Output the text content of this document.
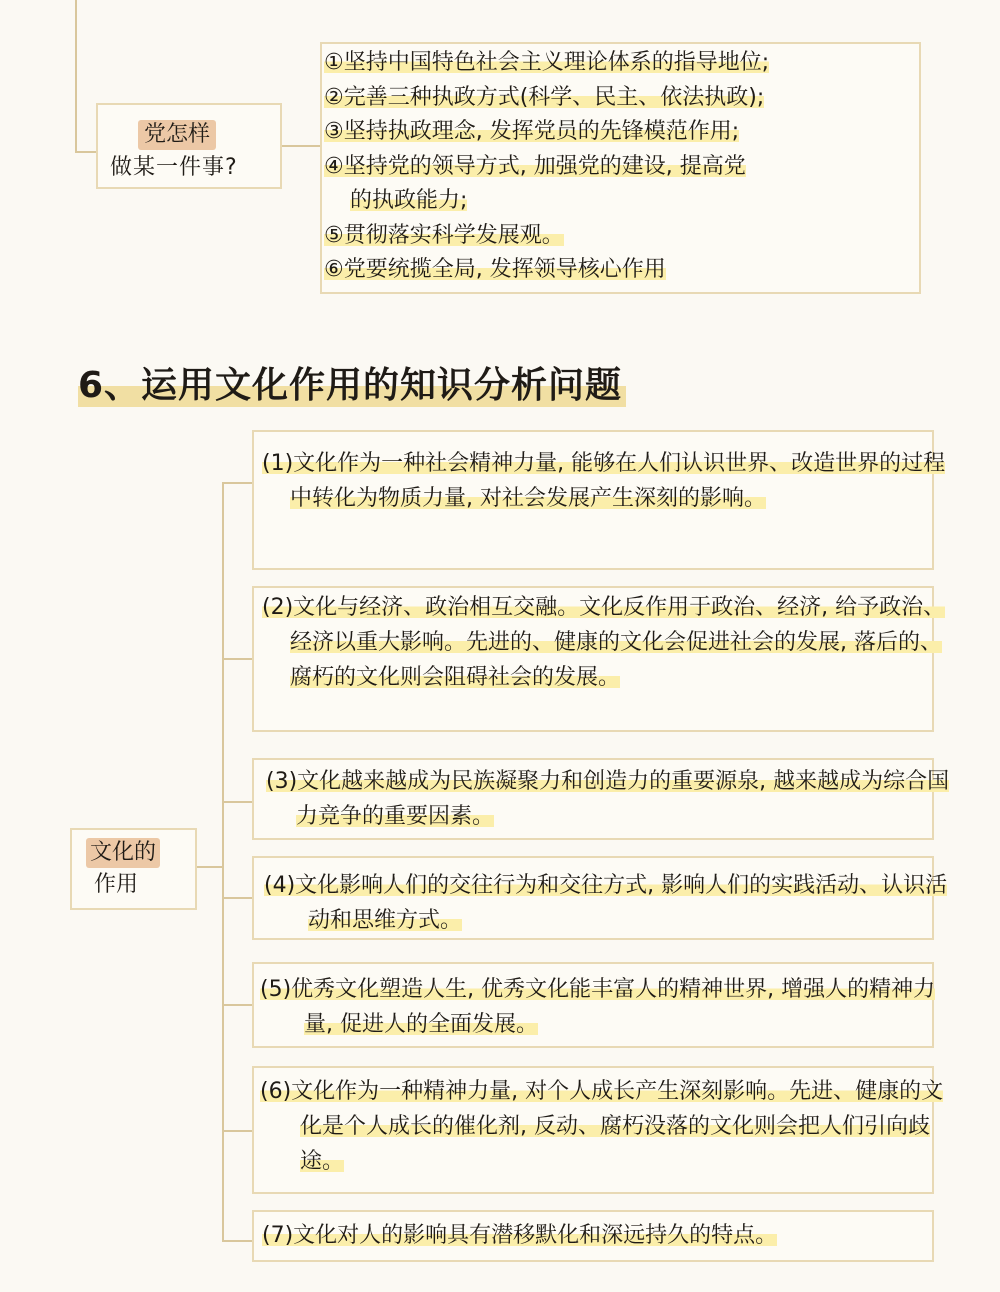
党怎样
做某一件事?
①坚持中国特色社会主义理论体系的指导地位;
②完善三种执政方式(科学、民主、依法执政);
③坚持执政理念, 发挥党员的先锋模范作用;
④坚持党的领导方式, 加强党的建设, 提高党
的执政能力;
⑤贯彻落实科学发展观。
⑥党要统揽全局, 发挥领导核心作用
6、运用文化作用的知识分析问题
文化的
作用

(1)文化作为一种社会精神力量, 能够在人们认识世界、改造世界的过程中转化为物质力量, 对社会发展产生深刻的影响。

(2)文化与经济、政治相互交融。文化反作用于政治、经济, 给予政治、经济以重大影响。先进的、健康的文化会促进社会的发展, 落后的、腐朽的文化则会阻碍社会的发展。

(3)文化越来越成为民族凝聚力和创造力的重要源泉, 越来越成为综合国力竞争的重要因素。

(4)文化影响人们的交往行为和交往方式, 影响人们的实践活动、认识活动和思维方式。

(5)优秀文化塑造人生, 优秀文化能丰富人的精神世界, 增强人的精神力量, 促进人的全面发展。

(6)文化作为一种精神力量, 对个人成长产生深刻影响。先进、健康的文化是个人成长的催化剂, 反动、腐朽没落的文化则会把人们引向歧途。

(7)文化对人的影响具有潜移默化和深远持久的特点。
